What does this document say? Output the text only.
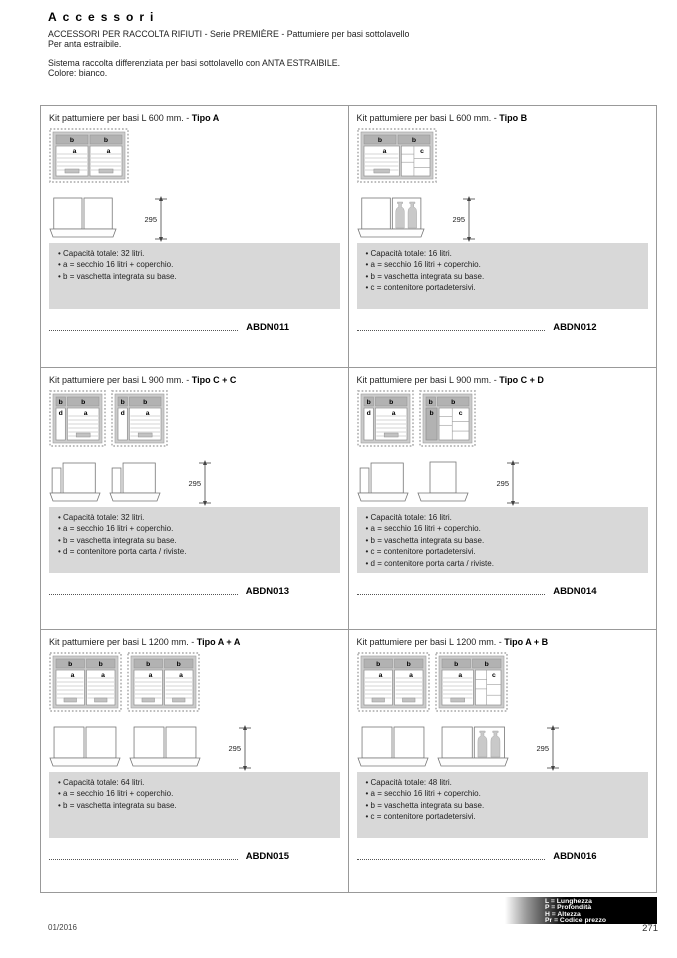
Accessori
ACCESSORI PER RACCOLTA RIFIUTI - Serie PREMIÈRE - Pattumiere per basi sottolavello
Per anta estraibile.
Sistema raccolta differenziata per basi sottolavello con ANTA ESTRAIBILE.
Colore: bianco.
Kit pattumiere per basi L 600 mm. - Tipo A
b	b
a	a
295
• Capacità totale: 32 litri.
• a = secchio 16 litri + coperchio.
• b = vaschetta integrata su base.
ABDN011
Kit pattumiere per basi L 600 mm. - Tipo B
b	b
a	c
295
• Capacità totale: 16 litri.
• a = secchio 16 litri + coperchio.
• b = vaschetta integrata su base.
• c = contenitore portadetersivi.
ABDN012
Kit pattumiere per basi L 900 mm. - Tipo C + C
b	b
d	a
b	b
d	a
295
• Capacità totale: 32 litri.
• a = secchio 16 litri + coperchio.
• b = vaschetta integrata su base.
• d = contenitore porta carta / riviste.
ABDN013
Kit pattumiere per basi L 900 mm. - Tipo C + D
b	b
d	a
b	b
b	c
295
• Capacità totale: 16 litri.
• a = secchio 16 litri + coperchio.
• b = vaschetta integrata su base.
• c = contenitore portadetersivi.
• d = contenitore porta carta / riviste.
ABDN014
Kit pattumiere per basi L 1200 mm. - Tipo A + A
b	b
a	a
b	b
a	a
295
• Capacità totale: 64 litri.
• a = secchio 16 litri + coperchio.
• b = vaschetta integrata su base.
ABDN015
Kit pattumiere per basi L 1200 mm. - Tipo A + B
b	b
a	a
b	b
a	c
295
• Capacità totale: 48 litri.
• a = secchio 16 litri + coperchio.
• b = vaschetta integrata su base.
• c = contenitore portadetersivi.
ABDN016
L = Lunghezza
P = Profondità
H = Altezza
Pr = Codice prezzo
01/2016	271
